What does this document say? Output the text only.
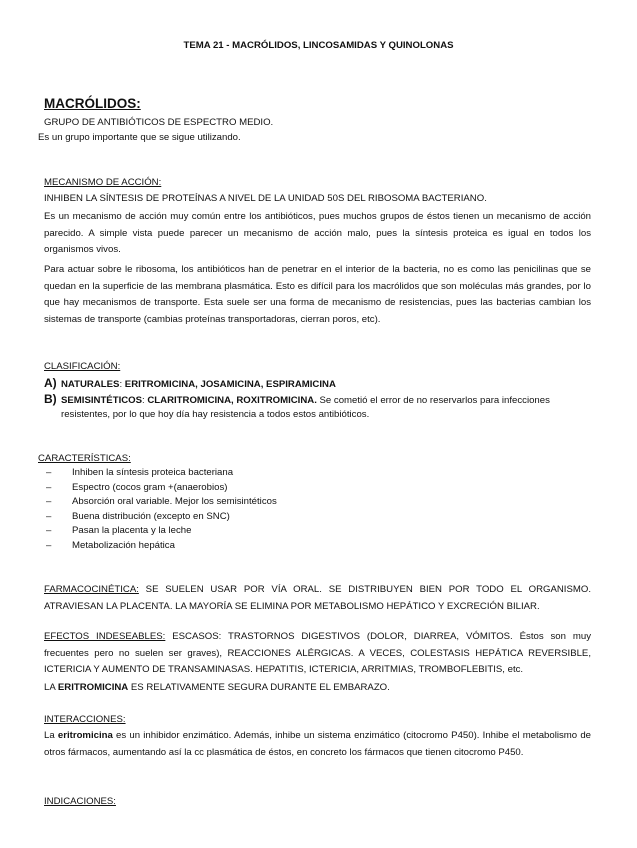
TEMA 21 - MACRÓLIDOS, LINCOSAMIDAS Y QUINOLONAS
MACRÓLIDOS:
GRUPO DE ANTIBIÓTICOS DE ESPECTRO MEDIO.
Es un grupo importante que se sigue utilizando.
MECANISMO DE ACCIÓN:
INHIBEN LA SÍNTESIS DE PROTEÍNAS A NIVEL DE LA UNIDAD 50S DEL RIBOSOMA BACTERIANO.

Es un mecanismo de acción muy común entre los antibióticos, pues muchos grupos de éstos tienen un mecanismo de acción parecido. A simple vista puede parecer un mecanismo de acción malo, pues la síntesis proteica es igual en todos los organismos vivos.

Para actuar sobre le ribosoma, los antibióticos han de penetrar en el interior de la bacteria, no es como las penicilinas que se quedan en la superficie de las membrana plasmática. Esto es difícil para los macrólidos que son moléculas más grandes, por lo que hay mecanismos de transporte. Esta suele ser una forma de mecanismo de resistencias, pues las bacterias cambian los sistemas de transporte (cambias proteínas transportadoras, cierran poros, etc).

CLASIFICACIÓN:
A) NATURALES: ERITROMICINA, JOSAMICINA, ESPIRAMICINA
B) SEMISINTÉTICOS: CLARITROMICINA, ROXITROMICINA. Se cometió el error de no reservarlos para infecciones
resistentes, por lo que hoy día hay resistencia a todos estos antibióticos.
CARACTERÍSTICAS:
– Inhiben la síntesis proteica bacteriana
– Espectro (cocos gram +(anaerobios)
– Absorción oral variable. Mejor los semisintéticos
– Buena distribución (excepto en SNC)
– Pasan la placenta y la leche
– Metabolización hepática

FARMACOCINÉTICA: SE SUELEN USAR POR VÍA ORAL. SE DISTRIBUYEN BIEN POR TODO EL ORGANISMO. ATRAVIESAN LA PLACENTA. LA MAYORÍA SE ELIMINA POR METABOLISMO HEPÁTICO Y EXCRECIÓN BILIAR.

EFECTOS INDESEABLES: ESCASOS: TRASTORNOS DIGESTIVOS (DOLOR, DIARREA, VÓMITOS. Éstos son muy frecuentes pero no suelen ser graves), REACCIONES ALÉRGICAS. A VECES, COLESTASIS HEPÁTICA REVERSIBLE, ICTERICIA Y AUMENTO DE TRANSAMINASAS. HEPATITIS, ICTERICIA, ARRITMIAS, TROMBOFLEBITIS, etc.

LA ERITROMICINA ES RELATIVAMENTE SEGURA DURANTE EL EMBARAZO.
INTERACCIONES:

La eritromicina es un inhibidor enzimático. Además, inhibe un sistema enzimático (citocromo P450). Inhibe el metabolismo de otros fármacos, aumentando así la cc plasmática de éstos, en concreto los fármacos que tienen citocromo P450.

INDICACIONES:
